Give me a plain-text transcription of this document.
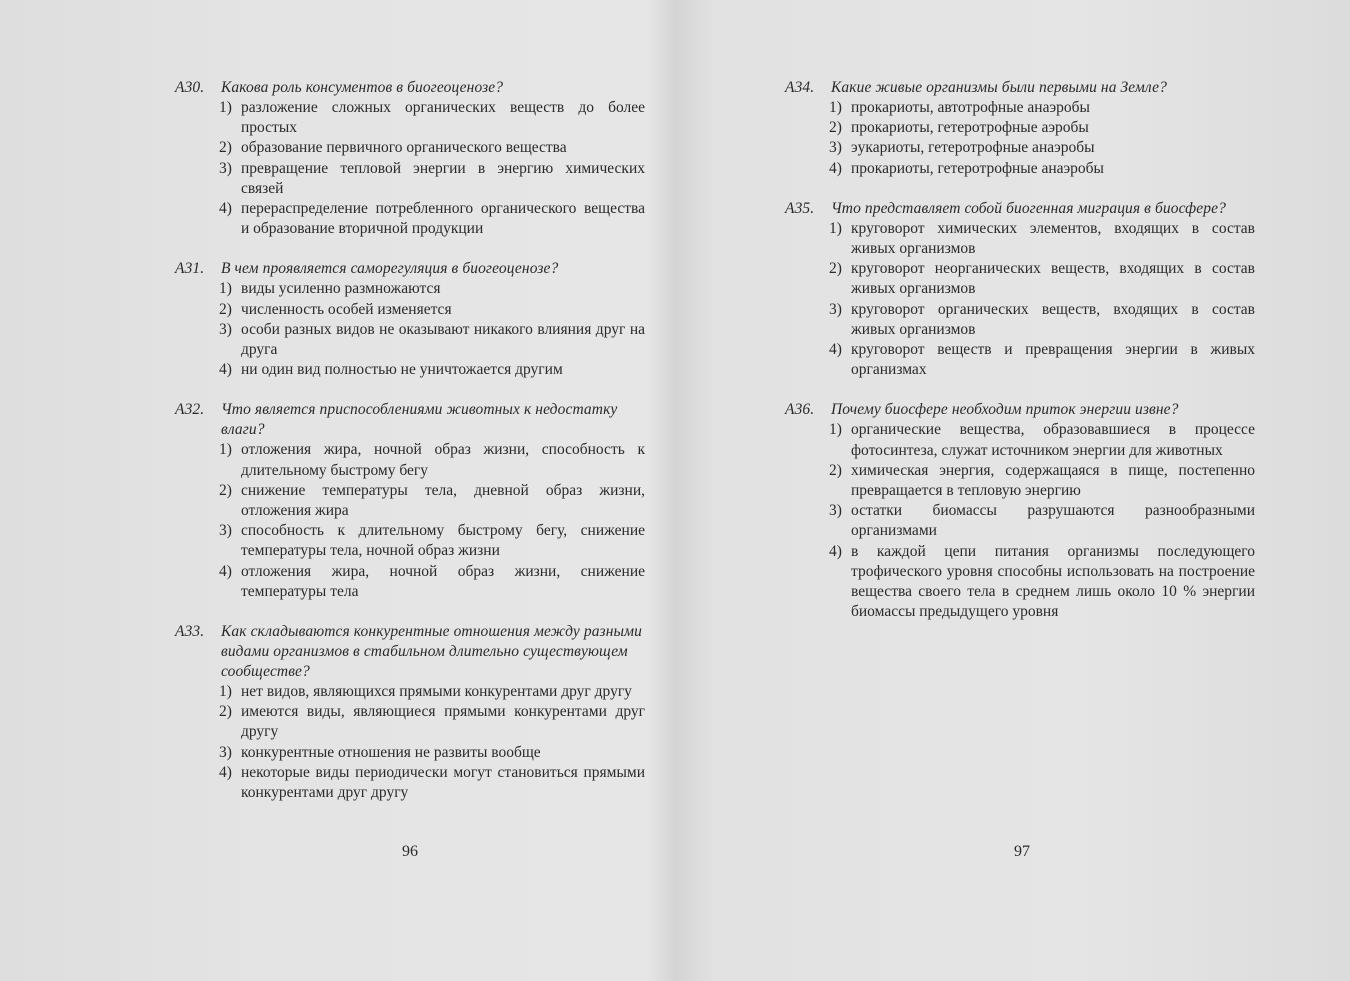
А30.	Какова роль консументов в биогеоценозе?
1) разложение сложных органических веществ до более простых
2) образование первичного органического вещества
3) превращение тепловой энергии в энергию химических связей
4) перераспределение потребленного органического вещества и образование вторичной продукции
А31.	В чем проявляется саморегуляция в биогеоценозе?
1) виды усиленно размножаются
2) численность особей изменяется
3) особи разных видов не оказывают никакого влияния друг на друга
4) ни один вид полностью не уничтожается другим
А32.	Что является приспособлениями животных к недостатку влаги?
1) отложения жира, ночной образ жизни, способность к длительному быстрому бегу
2) снижение температуры тела, дневной образ жизни, отложения жира
3) способность к длительному быстрому бегу, снижение температуры тела, ночной образ жизни
4) отложения жира, ночной образ жизни, снижение температуры тела
А33.	Как складываются конкурентные отношения между разными видами организмов в стабильном длительно существующем сообществе?
1) нет видов, являющихся прямыми конкурентами друг другу
2) имеются виды, являющиеся прямыми конкурентами друг другу
3) конкурентные отношения не развиты вообще
4) некоторые виды периодически могут становиться прямыми конкурентами друг другу
96
А34.	Какие живые организмы были первыми на Земле?
1) прокариоты, автотрофные анаэробы
2) прокариоты, гетеротрофные аэробы
3) эукариоты, гетеротрофные анаэробы
4) прокариоты, гетеротрофные анаэробы
А35.	Что представляет собой биогенная миграция в биосфере?
1) круговорот химических элементов, входящих в состав живых организмов
2) круговорот неорганических веществ, входящих в состав живых организмов
3) круговорот органических веществ, входящих в состав живых организмов
4) круговорот веществ и превращения энергии в живых организмах
А36.	Почему биосфере необходим приток энергии извне?
1) органические вещества, образовавшиеся в процессе фотосинтеза, служат источником энергии для животных
2) химическая энергия, содержащаяся в пище, постепенно превращается в тепловую энергию
3) остатки биомассы разрушаются разнообразными организмами
4) в каждой цепи питания организмы последующего трофического уровня способны использовать на построение вещества своего тела в среднем лишь около 10 % энергии биомассы предыдущего уровня
97
